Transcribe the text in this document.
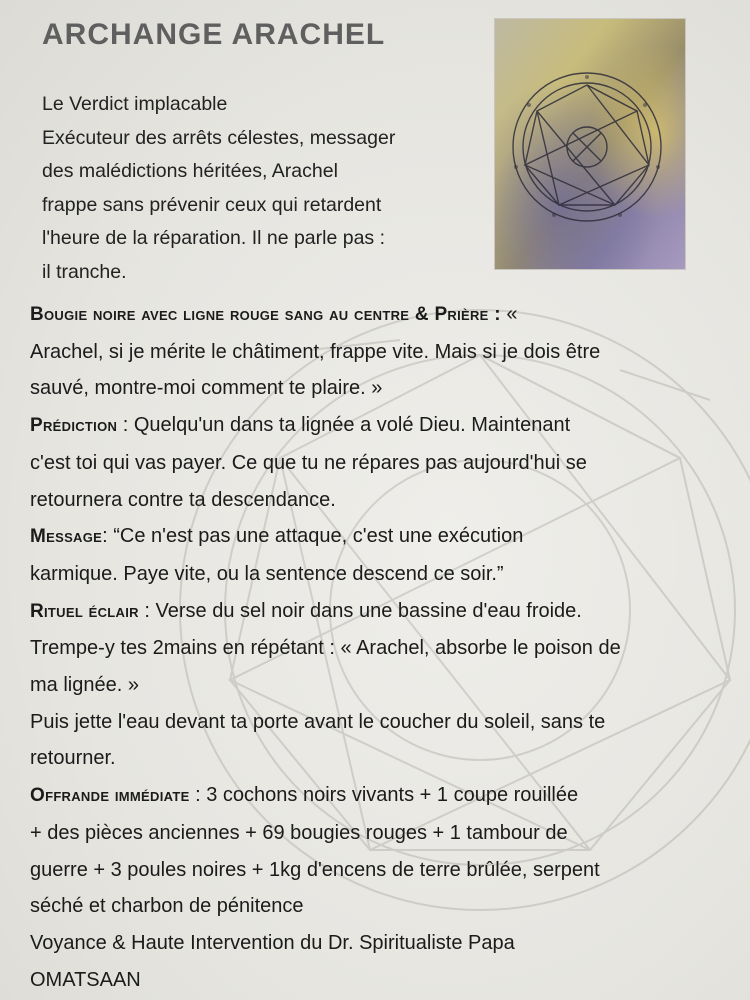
ARCHANGE ARACHEL
Le Verdict implacable
Exécuteur des arrêts célestes, messager
des malédictions héritées, Arachel
frappe sans prévenir ceux qui retardent
l'heure de la réparation. Il ne parle pas :
il tranche.
Bougie noire avec ligne rouge sang au centre & Prière : «
Arachel, si je mérite le châtiment, frappe vite. Mais si je dois être
sauvé, montre-moi comment te plaire. »
Prédiction : Quelqu'un dans ta lignée a volé Dieu. Maintenant
c'est toi qui vas payer. Ce que tu ne répares pas aujourd'hui se
retournera contre ta descendance.
Message: “Ce n'est pas une attaque, c'est une exécution
karmique. Paye vite, ou la sentence descend ce soir.”
Rituel éclair : Verse du sel noir dans une bassine d'eau froide.
Trempe-y tes 2mains en répétant : « Arachel, absorbe le poison de
ma lignée. »
Puis jette l'eau devant ta porte avant le coucher du soleil, sans te
retourner.
Offrande immédiate : 3 cochons noirs vivants + 1 coupe rouillée
+ des pièces anciennes + 69 bougies rouges + 1 tambour de
guerre + 3 poules noires + 1kg d'encens de terre brûlée, serpent
séché et charbon de pénitence
Voyance & Haute Intervention du Dr. Spiritualiste Papa
OMATSAAN
